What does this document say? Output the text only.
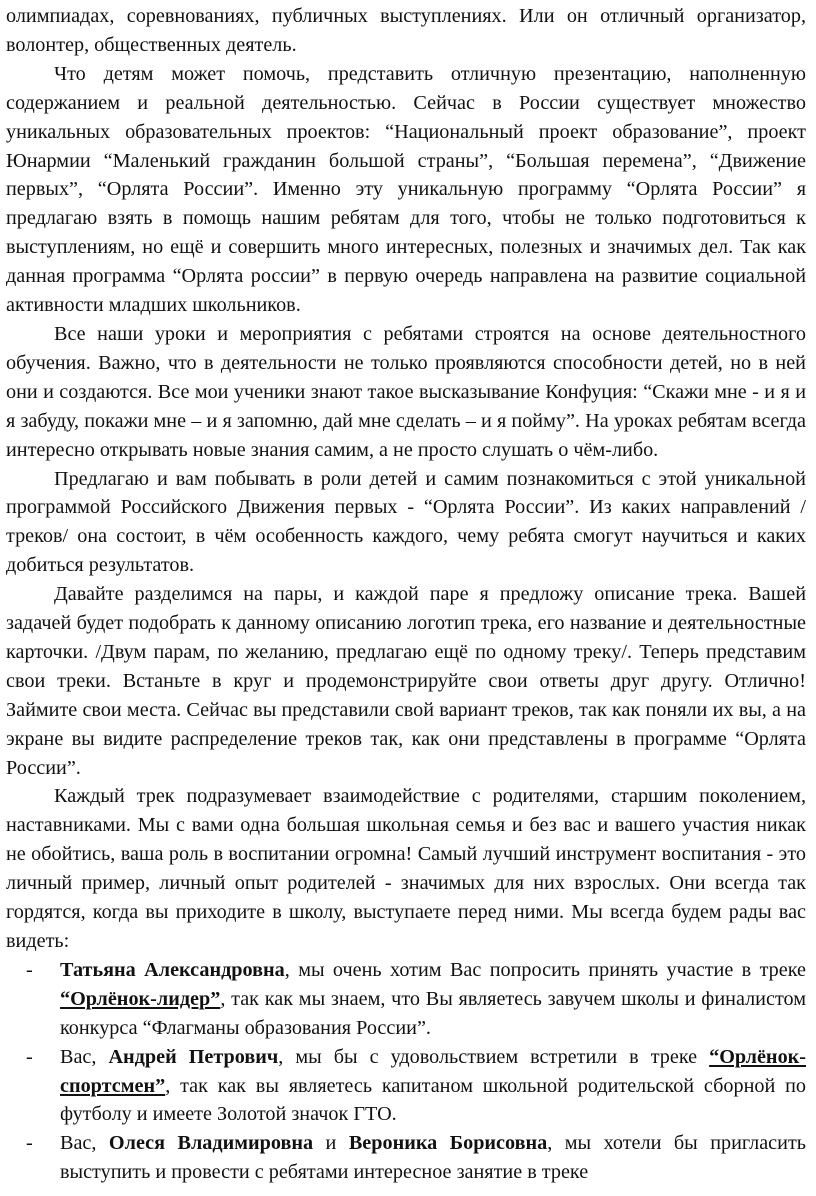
олимпиадах, соревнованиях, публичных выступлениях. Или он отличный организатор, волонтер, общественных деятель.

Что детям может помочь, представить отличную презентацию, наполненную содержанием и реальной деятельностью. Сейчас в России существует множество уникальных образовательных проектов: “Национальный проект образование”, проект Юнармии “Маленький гражданин большой страны”, “Большая перемена”, “Движение первых”, “Орлята России”. Именно эту уникальную программу “Орлята России” я предлагаю взять в помощь нашим ребятам для того, чтобы не только подготовиться к выступлениям, но ещё и совершить много интересных, полезных и значимых дел. Так как данная программа “Орлята россии” в первую очередь направлена на развитие социальной активности младших школьников.

Все наши уроки и мероприятия с ребятами строятся на основе деятельностного обучения. Важно, что в деятельности не только проявляются способности детей, но в ней они и создаются. Все мои ученики знают такое высказывание Конфуция: “Скажи мне - и я и я забуду, покажи мне – и я запомню, дай мне сделать – и я пойму”. На уроках ребятам всегда интересно открывать новые знания самим, а не просто слушать о чём-либо.

Предлагаю и вам побывать в роли детей и самим познакомиться с этой уникальной программой Российского Движения первых - “Орлята России”. Из каких направлений /треков/ она состоит, в чём особенность каждого, чему ребята смогут научиться и каких добиться результатов.

Давайте разделимся на пары, и каждой паре я предложу описание трека. Вашей задачей будет подобрать к данному описанию логотип трека, его название и деятельностные карточки. /Двум парам, по желанию, предлагаю ещё по одному треку/. Теперь представим свои треки. Встаньте в круг и продемонстрируйте свои ответы друг другу. Отлично! Займите свои места. Сейчас вы представили свой вариант треков, так как поняли их вы, а на экране вы видите распределение треков так, как они представлены в программе “Орлята России”.

Каждый трек подразумевает взаимодействие с родителями, старшим поколением, наставниками. Мы с вами одна большая школьная семья и без вас и вашего участия никак не обойтись, ваша роль в воспитании огромна! Самый лучший инструмент воспитания - это личный пример, личный опыт родителей - значимых для них взрослых. Они всегда так гордятся, когда вы приходите в школу, выступаете перед ними. Мы всегда будем рады вас видеть:

- Татьяна Александровна, мы очень хотим Вас попросить принять участие в треке “Орлёнок-лидер”, так как мы знаем, что Вы являетесь завучем школы и финалистом конкурса “Флагманы образования России”.
- Вас, Андрей Петрович, мы бы с удовольствием встретили в треке “Орлёнок-спортсмен”, так как вы являетесь капитаном школьной родительской сборной по футболу и имеете Золотой значок ГТО.
- Вас, Олеся Владимировна и Вероника Борисовна, мы хотели бы пригласить выступить и провести с ребятами интересное занятие в треке
